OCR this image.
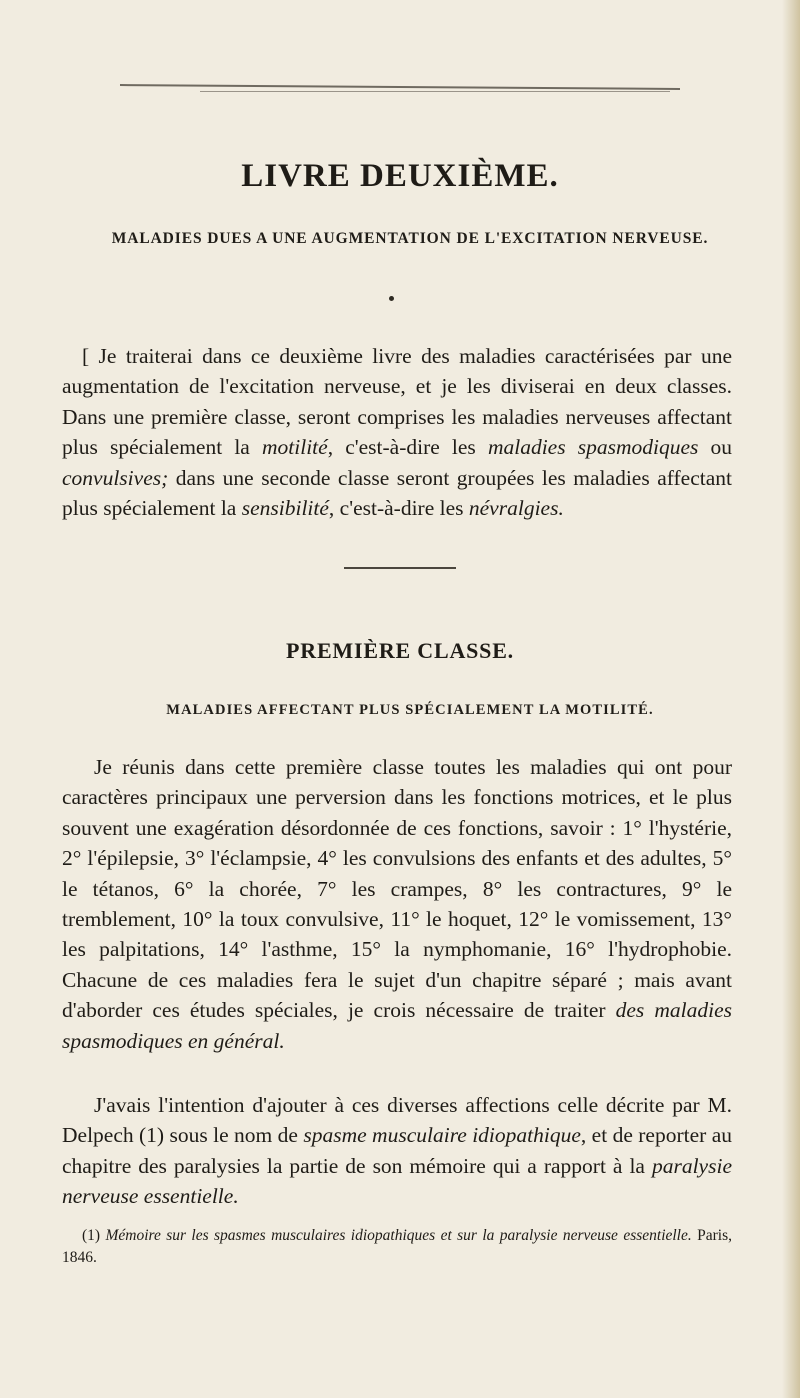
LIVRE DEUXIÈME.
MALADIES DUES A UNE AUGMENTATION DE L'EXCITATION NERVEUSE.

[ Je traiterai dans ce deuxième livre des maladies caractérisées par une augmentation de l'excitation nerveuse, et je les diviserai en deux classes. Dans une première classe, seront comprises les maladies nerveuses affectant plus spécialement la motilité, c'est-à-dire les maladies spasmodiques ou convulsives; dans une seconde classe seront groupées les maladies affectant plus spécialement la sensibilité, c'est-à-dire les névralgies.

PREMIÈRE CLASSE.
MALADIES AFFECTANT PLUS SPÉCIALEMENT LA MOTILITÉ.

Je réunis dans cette première classe toutes les maladies qui ont pour caractères principaux une perversion dans les fonctions motrices, et le plus souvent une exagération désordonnée de ces fonctions, savoir : 1° l'hystérie, 2° l'épilepsie, 3° l'éclampsie, 4° les convulsions des enfants et des adultes, 5° le tétanos, 6° la chorée, 7° les crampes, 8° les contractures, 9° le tremblement, 10° la toux convulsive, 11° le hoquet, 12° le vomissement, 13° les palpitations, 14° l'asthme, 15° la nymphomanie, 16° l'hydrophobie. Chacune de ces maladies fera le sujet d'un chapitre séparé ; mais avant d'aborder ces études spéciales, je crois nécessaire de traiter des maladies spasmodiques en général.

J'avais l'intention d'ajouter à ces diverses affections celle décrite par M. Delpech (1) sous le nom de spasme musculaire idiopathique, et de reporter au chapitre des paralysies la partie de son mémoire qui a rapport à la paralysie nerveuse essentielle.

(1) Mémoire sur les spasmes musculaires idiopathiques et sur la paralysie nerveuse essentielle. Paris, 1846.
